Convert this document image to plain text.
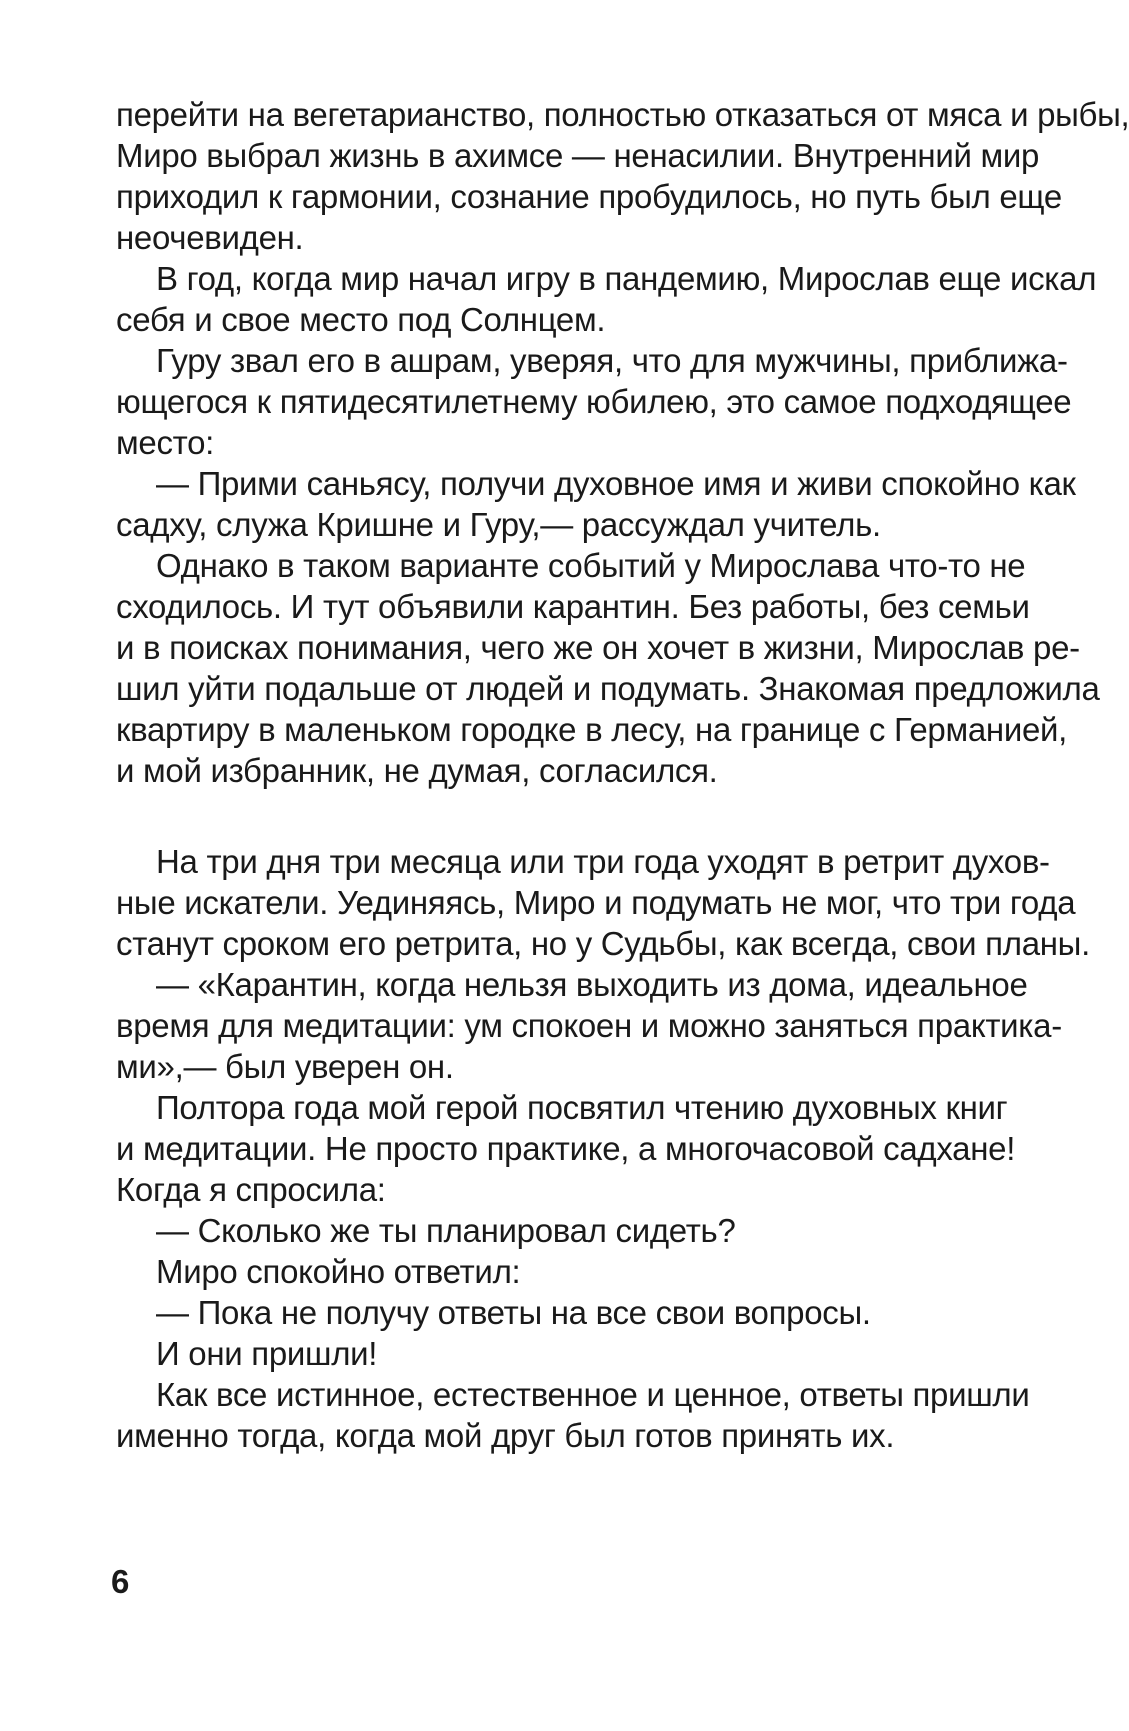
перейти на вегетарианство, полностью отказаться от мяса и рыбы,
Миро выбрал жизнь в ахимсе — ненасилии. Внутренний мир
приходил к гармонии, сознание пробудилось, но путь был еще
неочевиден.
В год, когда мир начал игру в пандемию, Мирослав еще искал
себя и свое место под Солнцем.
Гуру звал его в ашрам, уверяя, что для мужчины, приближа-
ющегося к пятидесятилетнему юбилею, это самое подходящее
место:
— Прими саньясу, получи духовное имя и живи спокойно как
садху, служа Кришне и Гуру,— рассуждал учитель.
Однако в таком варианте событий у Мирослава что-то не
сходилось. И тут объявили карантин. Без работы, без семьи
и в поисках понимания, чего же он хочет в жизни, Мирослав ре-
шил уйти подальше от людей и подумать. Знакомая предложила
квартиру в маленьком городке в лесу, на границе с Германией,
и мой избранник, не думая, согласился.
На три дня три месяца или три года уходят в ретрит духов-
ные искатели. Уединяясь, Миро и подумать не мог, что три года
станут сроком его ретрита, но у Судьбы, как всегда, свои планы.
— «Карантин, когда нельзя выходить из дома, идеальное
время для медитации: ум спокоен и можно заняться практика-
ми»,— был уверен он.
Полтора года мой герой посвятил чтению духовных книг
и медитации. Не просто практике, а многочасовой садхане!
Когда я спросила:
— Сколько же ты планировал сидеть?
Миро спокойно ответил:
— Пока не получу ответы на все свои вопросы.
И они пришли!
Как все истинное, естественное и ценное, ответы пришли
именно тогда, когда мой друг был готов принять их.
6
